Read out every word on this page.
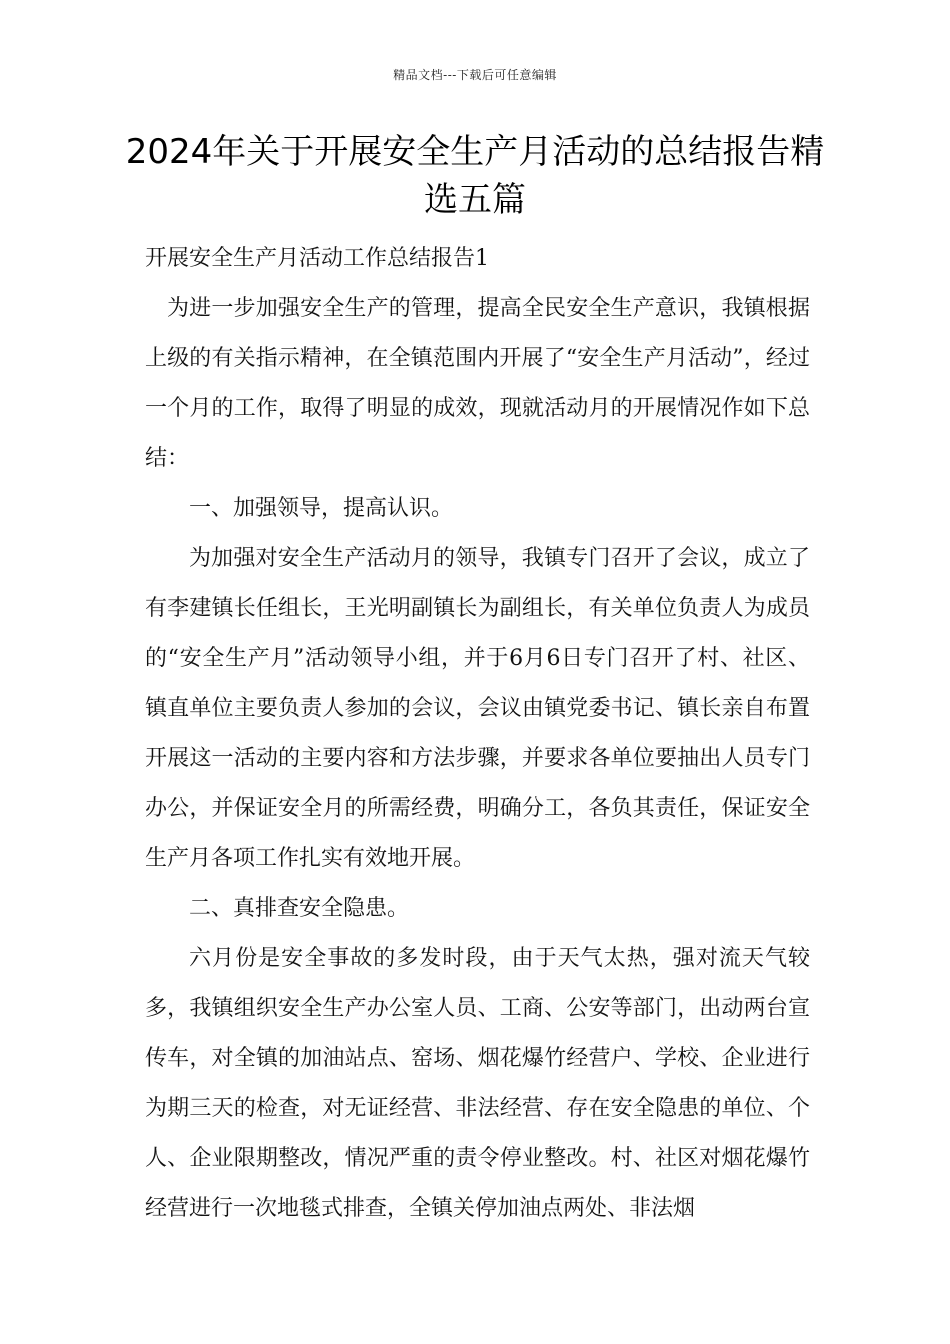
精品文档---下载后可任意编辑
2024年关于开展安全生产月活动的总结报告精选五篇

开展安全生产月活动工作总结报告1

为进一步加强安全生产的管理，提高全民安全生产意识，我镇根据上级的有关指示精神，在全镇范围内开展了“安全生产月活动”，经过一个月的工作，取得了明显的成效，现就活动月的开展情况作如下总结：

一、加强领导，提高认识。

为加强对安全生产活动月的领导，我镇专门召开了会议，成立了有李建镇长任组长，王光明副镇长为副组长，有关单位负责人为成员的“安全生产月”活动领导小组，并于6月6日专门召开了村、社区、镇直单位主要负责人参加的会议，会议由镇党委书记、镇长亲自布置开展这一活动的主要内容和方法步骤，并要求各单位要抽出人员专门办公，并保证安全月的所需经费，明确分工，各负其责任，保证安全生产月各项工作扎实有效地开展。

二、真排查安全隐患。

六月份是安全事故的多发时段，由于天气太热，强对流天气较多，我镇组织安全生产办公室人员、工商、公安等部门，出动两台宣传车，对全镇的加油站点、窑场、烟花爆竹经营户、学校、企业进行为期三天的检查，对无证经营、非法经营、存在安全隐患的单位、个人、企业限期整改，情况严重的责令停业整改。村、社区对烟花爆竹经营进行一次地毯式排查，全镇关停加油点两处、非法烟
